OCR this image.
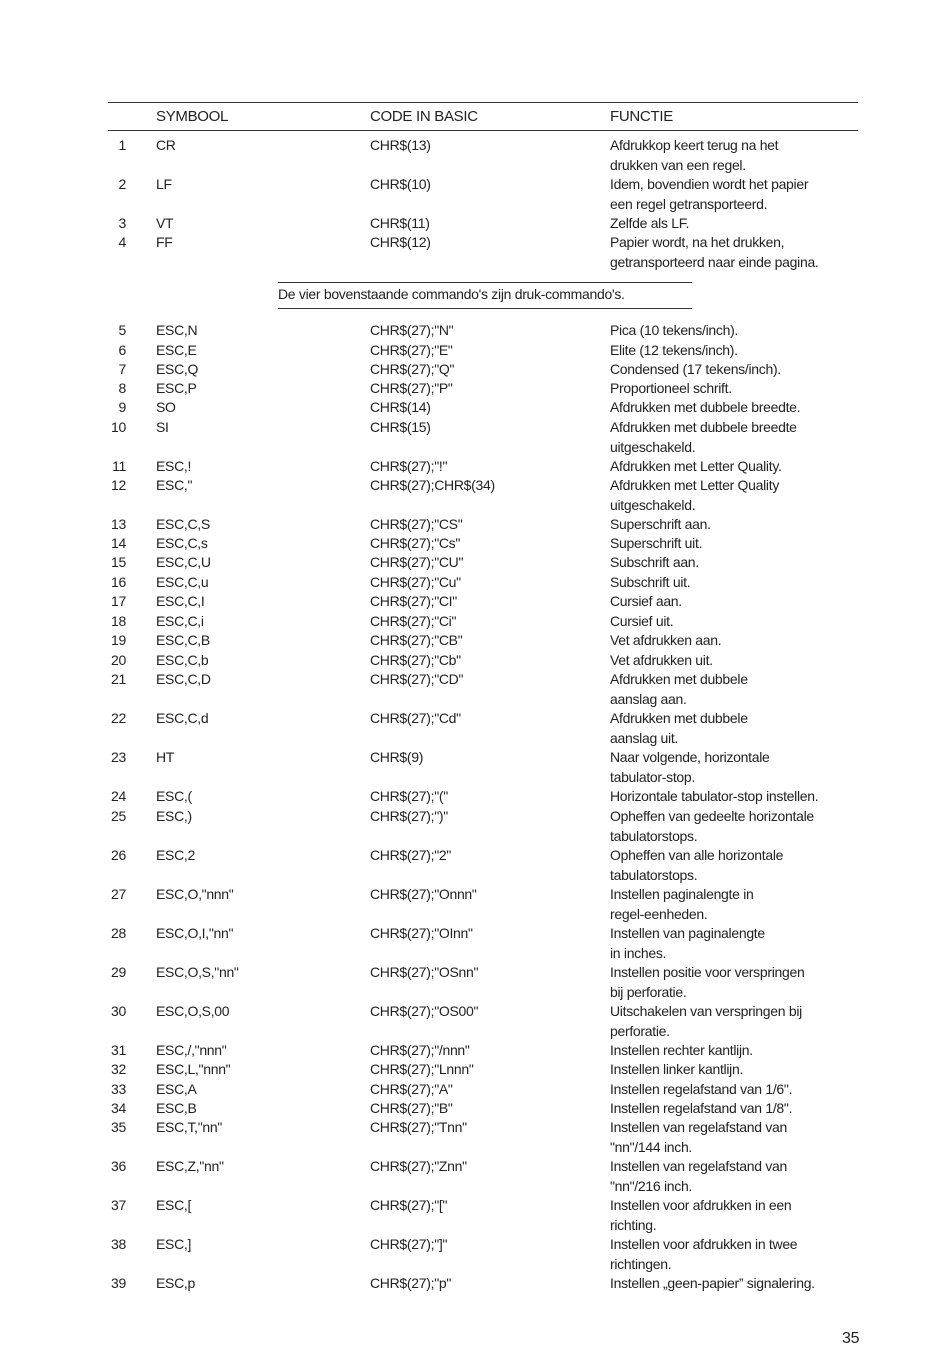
SYMBOOL	CODE IN BASIC	FUNCTIE
De vier bovenstaande commando's zijn druk-commando's.
1 CR	CHR$(13)	Afdrukkop keert terug na het
drukken van een regel.
2 LF	CHR$(10)	Idem, bovendien wordt het papier
een regel getransporteerd.
3 VT	CHR$(11)	Zelfde als LF.
4 FF	CHR$(12)	Papier wordt, na het drukken,
getransporteerd naar einde pagina.
5 ESC,N	CHR$(27);"N"	Pica (10 tekens/inch).
6 ESC,E	CHR$(27);"E"	Elite (12 tekens/inch).
7 ESC,Q	CHR$(27);"Q"	Condensed (17 tekens/inch).
8 ESC,P	CHR$(27);"P"	Proportioneel schrift.
9 SO	CHR$(14)	Afdrukken met dubbele breedte.
10 SI	CHR$(15)	Afdrukken met dubbele breedte
uitgeschakeld.
11 ESC,!	CHR$(27);"!"	Afdrukken met Letter Quality.
12 ESC,"	CHR$(27);CHR$(34)	Afdrukken met Letter Quality
uitgeschakeld.
13 ESC,C,S	CHR$(27);"CS"	Superschrift aan.
14 ESC,C,s	CHR$(27);"Cs"	Superschrift uit.
15 ESC,C,U	CHR$(27);"CU"	Subschrift aan.
16 ESC,C,u	CHR$(27);"Cu"	Subschrift uit.
17 ESC,C,I	CHR$(27);"CI"	Cursief aan.
18 ESC,C,i	CHR$(27);"Ci"	Cursief uit.
19 ESC,C,B	CHR$(27);"CB"	Vet afdrukken aan.
20 ESC,C,b	CHR$(27);"Cb"	Vet afdrukken uit.
21 ESC,C,D	CHR$(27);"CD"	Afdrukken met dubbele
aanslag aan.
22 ESC,C,d	CHR$(27);"Cd"	Afdrukken met dubbele
aanslag uit.
23 HT	CHR$(9)	Naar volgende, horizontale
tabulator-stop.
24 ESC,(	CHR$(27);"("	Horizontale tabulator-stop instellen.
25 ESC,)	CHR$(27);")"	Opheffen van gedeelte horizontale
tabulatorstops.
26 ESC,2	CHR$(27);"2"	Opheffen van alle horizontale
tabulatorstops.
27 ESC,O,"nnn"	CHR$(27);"Onnn"	Instellen paginalengte in
regel-eenheden.
28 ESC,O,I,"nn"	CHR$(27);"OInn"	Instellen van paginalengte
in inches.
29 ESC,O,S,"nn"	CHR$(27);"OSnn"	Instellen positie voor verspringen
bij perforatie.
30 ESC,O,S,00	CHR$(27);"OS00"	Uitschakelen van verspringen bij
perforatie.
31 ESC,/,"nnn"	CHR$(27);"/nnn"	Instellen rechter kantlijn.
32 ESC,L,"nnn"	CHR$(27);"Lnnn"	Instellen linker kantlijn.
33 ESC,A	CHR$(27);"A"	Instellen regelafstand van 1/6".
34 ESC,B	CHR$(27);"B"	Instellen regelafstand van 1/8".
35 ESC,T,"nn"	CHR$(27);"Tnn"	Instellen van regelafstand van
"nn"/144 inch.
36 ESC,Z,"nn"	CHR$(27);"Znn"	Instellen van regelafstand van
"nn"/216 inch.
37 ESC,[	CHR$(27);"["	Instellen voor afdrukken in een
richting.
38 ESC,]	CHR$(27);"]"	Instellen voor afdrukken in twee
richtingen.
39 ESC,p	CHR$(27);"p"	Instellen „geen-papier” signalering.
35
